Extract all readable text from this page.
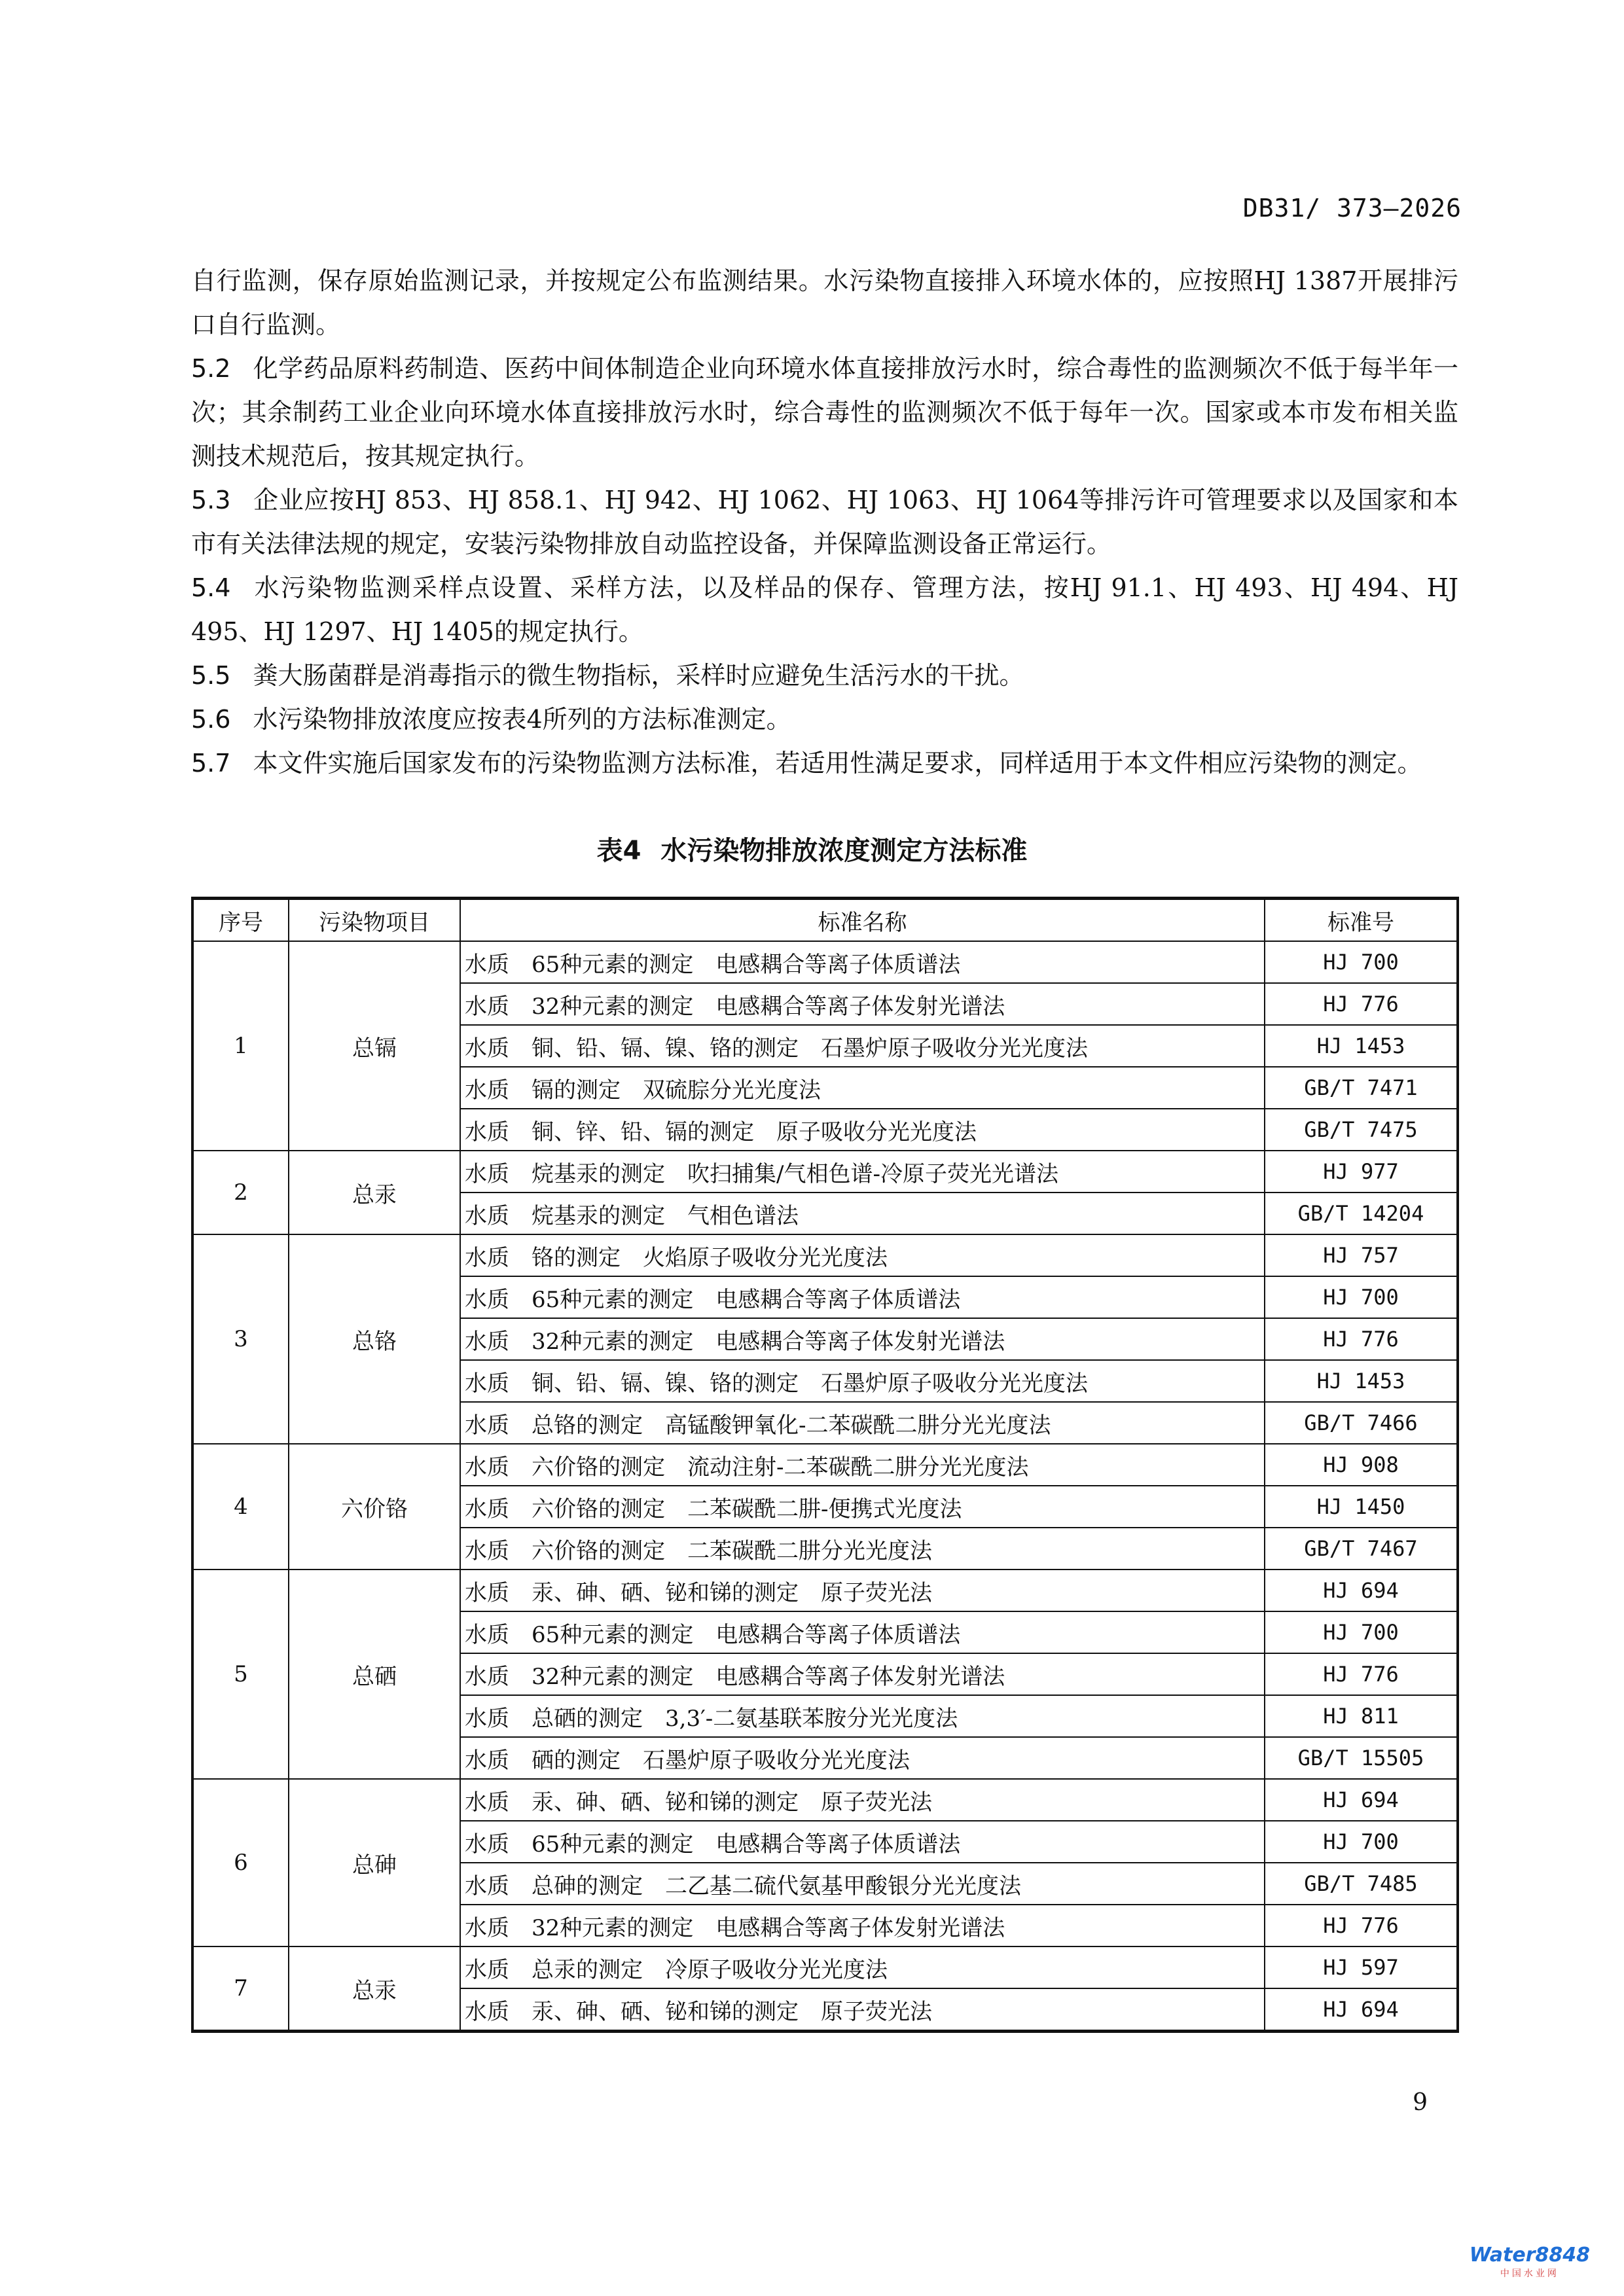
DB31/ 373—2026

自行监测，保存原始监测记录，并按规定公布监测结果。水污染物直接排入环境水体的，应按照HJ 1387开展排污口自行监测。

5.2 化学药品原料药制造、医药中间体制造企业向环境水体直接排放污水时，综合毒性的监测频次不低于每半年一次；其余制药工业企业向环境水体直接排放污水时，综合毒性的监测频次不低于每年一次。国家或本市发布相关监测技术规范后，按其规定执行。

5.3 企业应按HJ 853、HJ 858.1、HJ 942、HJ 1062、HJ 1063、HJ 1064等排污许可管理要求以及国家和本市有关法律法规的规定，安装污染物排放自动监控设备，并保障监测设备正常运行。

5.4 水污染物监测采样点设置、采样方法，以及样品的保存、管理方法，按HJ 91.1、HJ 493、HJ 494、HJ 495、HJ 1297、HJ 1405的规定执行。

5.5 粪大肠菌群是消毒指示的微生物指标，采样时应避免生活污水的干扰。

5.6 水污染物排放浓度应按表4所列的方法标准测定。

5.7 本文件实施后国家发布的污染物监测方法标准，若适用性满足要求，同样适用于本文件相应污染物的测定。

表4 水污染物排放浓度测定方法标准
序号	污染物项目	标准名称	标准号
1	总镉	水质　65种元素的测定　电感耦合等离子体质谱法	HJ 700
		水质　32种元素的测定　电感耦合等离子体发射光谱法	HJ 776
		水质　铜、铅、镉、镍、铬的测定　石墨炉原子吸收分光光度法	HJ 1453
		水质　镉的测定　双硫腙分光光度法	GB/T 7471
		水质　铜、锌、铅、镉的测定　原子吸收分光光度法	GB/T 7475
2	总汞	水质　烷基汞的测定　吹扫捕集/气相色谱-冷原子荧光光谱法	HJ 977
		水质　烷基汞的测定　气相色谱法	GB/T 14204
3	总铬	水质　铬的测定　火焰原子吸收分光光度法	HJ 757
		水质　65种元素的测定　电感耦合等离子体质谱法	HJ 700
		水质　32种元素的测定　电感耦合等离子体发射光谱法	HJ 776
		水质　铜、铅、镉、镍、铬的测定　石墨炉原子吸收分光光度法	HJ 1453
		水质　总铬的测定　高锰酸钾氧化-二苯碳酰二肼分光光度法	GB/T 7466
4	六价铬	水质　六价铬的测定　流动注射-二苯碳酰二肼分光光度法	HJ 908
		水质　六价铬的测定　二苯碳酰二肼-便携式光度法	HJ 1450
		水质　六价铬的测定　二苯碳酰二肼分光光度法	GB/T 7467
5	总硒	水质　汞、砷、硒、铋和锑的测定　原子荧光法	HJ 694
		水质　65种元素的测定　电感耦合等离子体质谱法	HJ 700
		水质　32种元素的测定　电感耦合等离子体发射光谱法	HJ 776
		水质　总硒的测定　3,3′-二氨基联苯胺分光光度法	HJ 811
		水质　硒的测定　石墨炉原子吸收分光光度法	GB/T 15505
6	总砷	水质　汞、砷、硒、铋和锑的测定　原子荧光法	HJ 694
		水质　65种元素的测定　电感耦合等离子体质谱法	HJ 700
		水质　总砷的测定　二乙基二硫代氨基甲酸银分光光度法	GB/T 7485
		水质　32种元素的测定　电感耦合等离子体发射光谱法	HJ 776
7	总汞	水质　总汞的测定　冷原子吸收分光光度法	HJ 597
		水质　汞、砷、硒、铋和锑的测定　原子荧光法	HJ 694
9
Water8848
中国水业网
